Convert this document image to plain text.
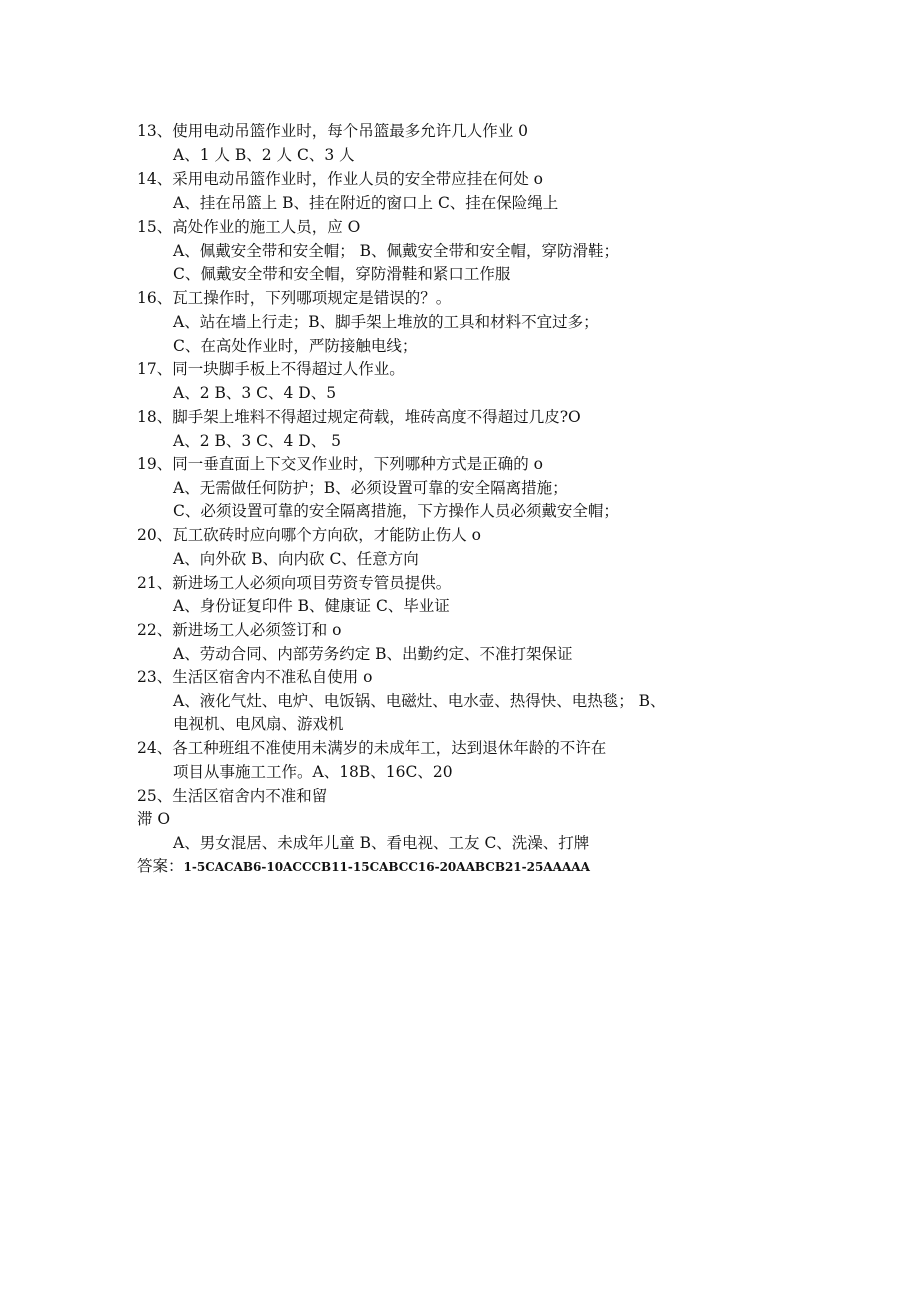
13、使用电动吊篮作业时，每个吊篮最多允许几人作业 0
A、1 人 B、2 人 C、3 人
14、采用电动吊篮作业时，作业人员的安全带应挂在何处 o
A、挂在吊篮上 B、挂在附近的窗口上 C、挂在保险绳上
15、高处作业的施工人员，应 O
A、佩戴安全带和安全帽； B、佩戴安全带和安全帽，穿防滑鞋；
C、佩戴安全带和安全帽，穿防滑鞋和紧口工作服
16、瓦工操作时，下列哪项规定是错误的？。
A、站在墙上行走；B、脚手架上堆放的工具和材料不宜过多；
C、在高处作业时，严防接触电线；
17、同一块脚手板上不得超过人作业。
A、2 B、3 C、4 D、5
18、脚手架上堆料不得超过规定荷载，堆砖高度不得超过几皮?O
A、2 B、3 C、4 D、 5
19、同一垂直面上下交叉作业时，下列哪种方式是正确的 o
A、无需做任何防护；B、必须设置可靠的安全隔离措施；
C、必须设置可靠的安全隔离措施，下方操作人员必须戴安全帽；
20、瓦工砍砖时应向哪个方向砍，才能防止伤人 o
A、向外砍 B、向内砍 C、任意方向
21、新进场工人必须向项目劳资专管员提供。
A、身份证复印件 B、健康证 C、毕业证
22、新进场工人必须签订和 o
A、劳动合同、内部劳务约定 B、出勤约定、不准打架保证
23、生活区宿舍内不准私自使用 o
A、液化气灶、电炉、电饭锅、电磁灶、电水壶、热得快、电热毯； B、
电视机、电风扇、游戏机
24、各工种班组不准使用未满岁的未成年工，达到退休年龄的不许在
项目从事施工工作。A、18B、16C、20
25、生活区宿舍内不准和留
滞 O
A、男女混居、未成年儿童 B、看电视、工友 C、洗澡、打牌
答案：1-5CACAB6-10ACCCB11-15CABCC16-20AABCB21-25AAAAA
